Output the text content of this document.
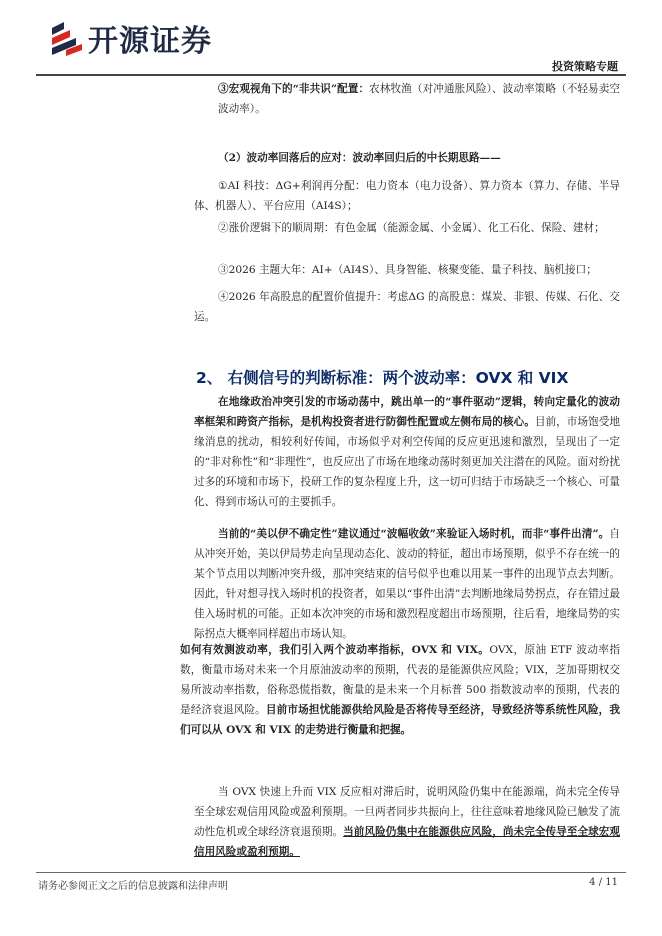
开源证券
投资策略专题
③宏观视角下的“非共识”配置：农林牧渔（对冲通胀风险）、波动率策略（不轻易卖空波动率）。
（2）波动率回落后的应对：波动率回归后的中长期思路——
①AI 科技：ΔG+利润再分配：电力资本（电力设备）、算力资本（算力、存储、半导体、机器人）、平台应用（AI4S）；
②涨价逻辑下的顺周期：有色金属（能源金属、小金属）、化工石化、保险、建材；
③2026 主题大年：AI+（AI4S）、具身智能、核聚变能、量子科技、脑机接口；
④2026 年高股息的配置价值提升：考虑ΔG 的高股息：煤炭、非银、传媒、石化、交运。
2、 右侧信号的判断标准：两个波动率：OVX 和 VIX
在地缘政治冲突引发的市场动荡中，跳出单一的“事件驱动”逻辑，转向定量化的波动率框架和跨资产指标，是机构投资者进行防御性配置或左侧布局的核心。目前，市场饱受地缘消息的扰动，相较利好传闻，市场似乎对利空传闻的反应更迅速和激烈，呈现出了一定的“非对称性”和“非理性”，也反应出了市场在地缘动荡时刻更加关注潜在的风险。面对纷扰过多的环境和市场下，投研工作的复杂程度上升，这一切可归结于市场缺乏一个核心、可量化、得到市场认可的主要抓手。
当前的“美以伊不确定性”建议通过“波幅收敛”来验证入场时机，而非“事件出清”。自从冲突开始，美以伊局势走向呈现动态化、波动的特征，超出市场预期，似乎不存在统一的某个节点用以判断冲突升级，那冲突结束的信号似乎也难以用某一事件的出现节点去判断。因此，针对想寻找入场时机的投资者，如果以“事件出清”去判断地缘局势拐点，存在错过最佳入场时机的可能。正如本次冲突的市场和激烈程度超出市场预期，往后看，地缘局势的实际拐点大概率同样超出市场认知。
如何有效测波动率，我们引入两个波动率指标，OVX 和 VIX。OVX，原油 ETF 波动率指数，衡量市场对未来一个月原油波动率的预期，代表的是能源供应风险；VIX，芝加哥期权交易所波动率指数，俗称恐慌指数，衡量的是未来一个月标普 500 指数波动率的预期，代表的是经济衰退风险。目前市场担忧能源供给风险是否将传导至经济，导致经济等系统性风险，我们可以从 OVX 和 VIX 的走势进行衡量和把握。
当 OVX 快速上升而 VIX 反应相对滞后时，说明风险仍集中在能源端，尚未完全传导至全球宏观信用风险或盈利预期。一旦两者同步共振向上，往往意味着地缘风险已触发了流动性危机或全球经济衰退预期。当前风险仍集中在能源供应风险，尚未完全传导至全球宏观信用风险或盈利预期。
请务必参阅正文之后的信息披露和法律声明	4 / 11
